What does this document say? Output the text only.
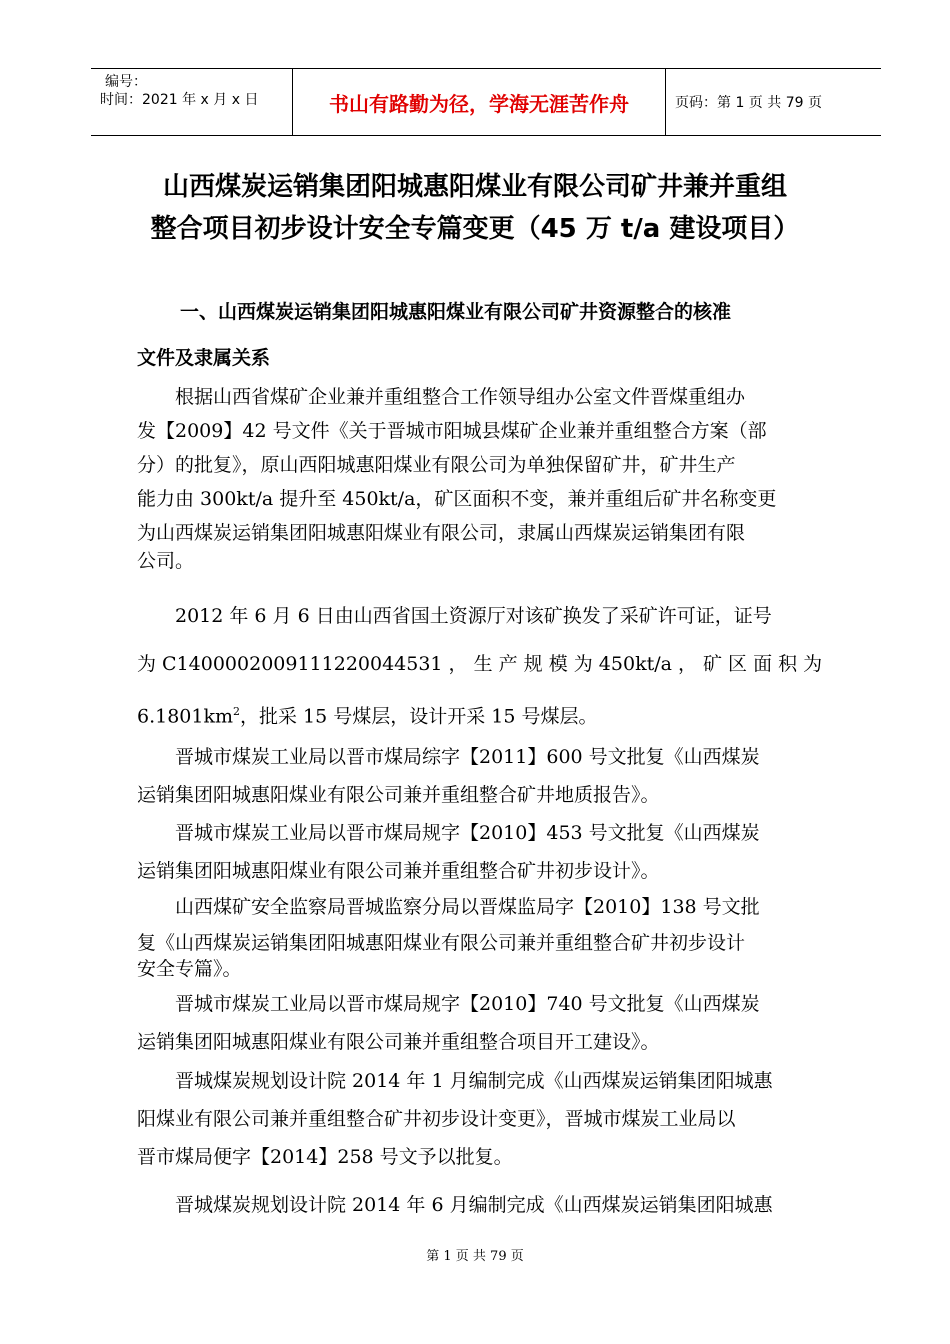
编号：
时间：2021 年 x 月 x 日	书山有路勤为径，学海无涯苦作舟	页码：第 1 页 共 79 页
山西煤炭运销集团阳城惠阳煤业有限公司矿井兼并重组
整合项目初步设计安全专篇变更（45 万 t/a 建设项目）
一、山西煤炭运销集团阳城惠阳煤业有限公司矿井资源整合的核准
文件及隶属关系
　　根据山西省煤矿企业兼并重组整合工作领导组办公室文件晋煤重组办
发【2009】42 号文件《关于晋城市阳城县煤矿企业兼并重组整合方案（部
分）的批复》，原山西阳城惠阳煤业有限公司为单独保留矿井，矿井生产
能力由 300kt/a 提升至 450kt/a，矿区面积不变，兼并重组后矿井名称变更
为山西煤炭运销集团阳城惠阳煤业有限公司，隶属山西煤炭运销集团有限
公司。
　　2012 年 6 月 6 日由山西省国土资源厅对该矿换发了采矿许可证，证号
为 C1400002009111220044531 ， 生 产 规 模 为 450kt/a ， 矿 区 面 积 为
$6.1801km^2$，批采 15 号煤层，设计开采 15 号煤层。
　　晋城市煤炭工业局以晋市煤局综字【2011】600 号文批复《山西煤炭
运销集团阳城惠阳煤业有限公司兼并重组整合矿井地质报告》。
　　晋城市煤炭工业局以晋市煤局规字【2010】453 号文批复《山西煤炭
运销集团阳城惠阳煤业有限公司兼并重组整合矿井初步设计》。
　　山西煤矿安全监察局晋城监察分局以晋煤监局字【2010】138 号文批
复《山西煤炭运销集团阳城惠阳煤业有限公司兼并重组整合矿井初步设计
安全专篇》。
　　晋城市煤炭工业局以晋市煤局规字【2010】740 号文批复《山西煤炭
运销集团阳城惠阳煤业有限公司兼并重组整合项目开工建设》。
　　晋城煤炭规划设计院 2014 年 1 月编制完成《山西煤炭运销集团阳城惠
阳煤业有限公司兼并重组整合矿井初步设计变更》，晋城市煤炭工业局以
晋市煤局便字【2014】258 号文予以批复。
　　晋城煤炭规划设计院 2014 年 6 月编制完成《山西煤炭运销集团阳城惠
第 1 页 共 79 页
